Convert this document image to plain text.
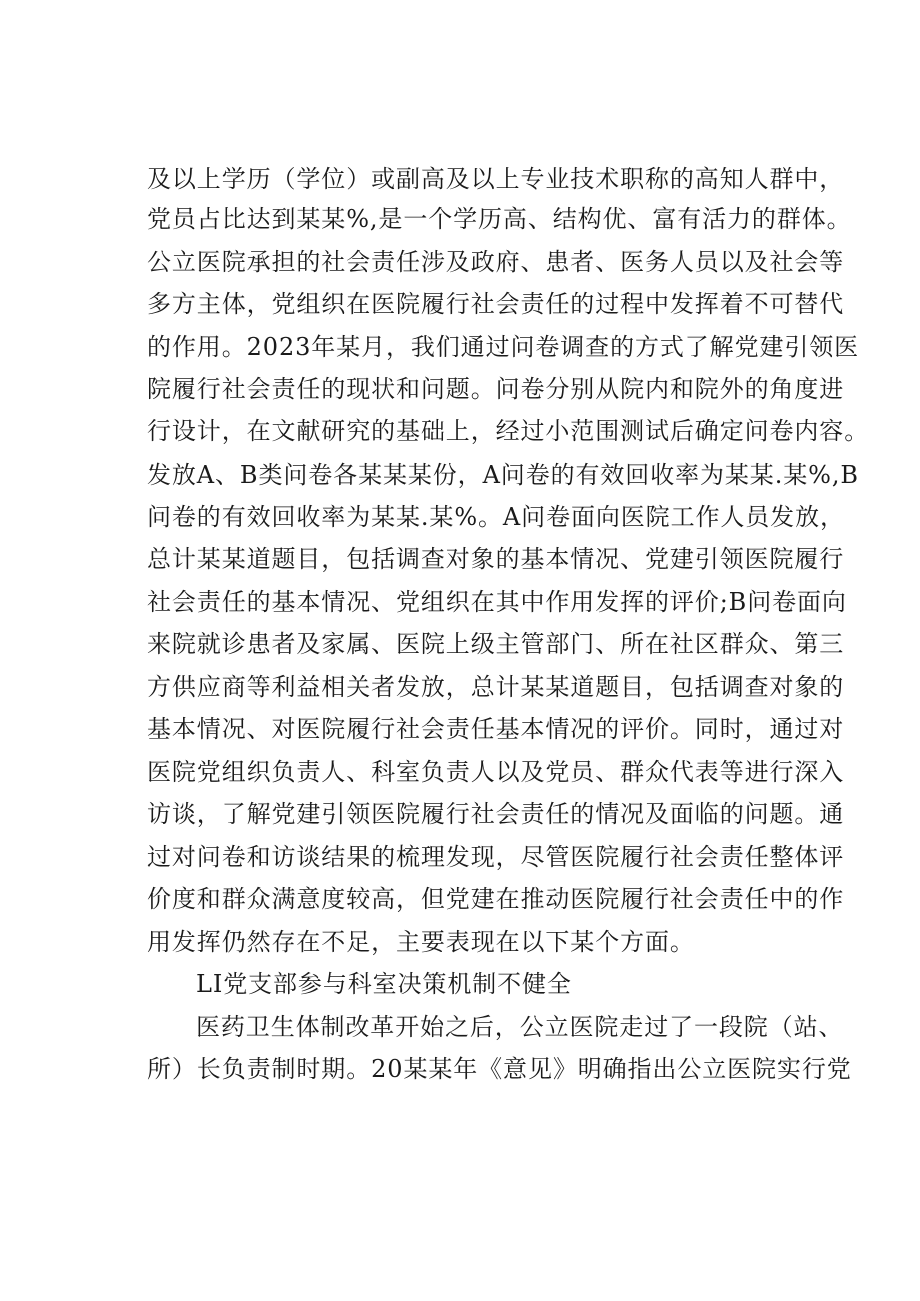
及以上学历（学位）或副高及以上专业技术职称的高知人群中，
党员占比达到某某%,是一个学历高、结构优、富有活力的群体。
公立医院承担的社会责任涉及政府、患者、医务人员以及社会等
多方主体，党组织在医院履行社会责任的过程中发挥着不可替代
的作用。2023年某月，我们通过问卷调查的方式了解党建引领医
院履行社会责任的现状和问题。问卷分别从院内和院外的角度进
行设计，在文献研究的基础上，经过小范围测试后确定问卷内容。
发放A、B类问卷各某某某份，A问卷的有效回收率为某某.某%,B
问卷的有效回收率为某某.某%。A问卷面向医院工作人员发放，
总计某某道题目，包括调查对象的基本情况、党建引领医院履行
社会责任的基本情况、党组织在其中作用发挥的评价;B问卷面向
来院就诊患者及家属、医院上级主管部门、所在社区群众、第三
方供应商等利益相关者发放，总计某某道题目，包括调查对象的
基本情况、对医院履行社会责任基本情况的评价。同时，通过对
医院党组织负责人、科室负责人以及党员、群众代表等进行深入
访谈，了解党建引领医院履行社会责任的情况及面临的问题。通
过对问卷和访谈结果的梳理发现，尽管医院履行社会责任整体评
价度和群众满意度较高，但党建在推动医院履行社会责任中的作
用发挥仍然存在不足，主要表现在以下某个方面。
LI党支部参与科室决策机制不健全
医药卫生体制改革开始之后，公立医院走过了一段院（站、
所）长负责制时期。20某某年《意见》明确指出公立医院实行党
